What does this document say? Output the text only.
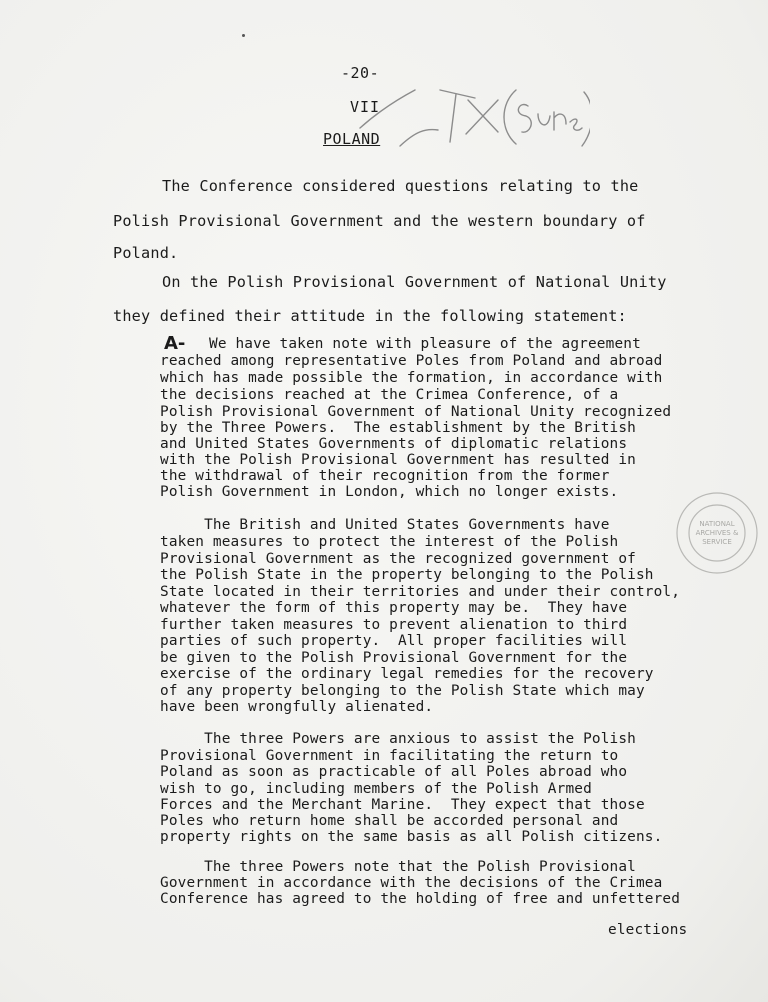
-20-
VII
POLAND
The Conference considered questions relating to the
Polish Provisional Government and the western boundary of
Poland.
On the Polish Provisional Government of National Unity
they defined their attitude in the following statement:
A- We have taken note with pleasure of the agreement
reached among representative Poles from Poland and abroad
which has made possible the formation, in accordance with
the decisions reached at the Crimea Conference, of a
Polish Provisional Government of National Unity recognized
by the Three Powers.  The establishment by the British
and United States Governments of diplomatic relations
with the Polish Provisional Government has resulted in
the withdrawal of their recognition from the former
Polish Government in London, which no longer exists.
NATIONAL
ARCHIVES &
SERVICE
The British and United States Governments have
taken measures to protect the interest of the Polish
Provisional Government as the recognized government of
the Polish State in the property belonging to the Polish
State located in their territories and under their control,
whatever the form of this property may be.  They have
further taken measures to prevent alienation to third
parties of such property.  All proper facilities will
be given to the Polish Provisional Government for the
exercise of the ordinary legal remedies for the recovery
of any property belonging to the Polish State which may
have been wrongfully alienated.
The three Powers are anxious to assist the Polish
Provisional Government in facilitating the return to
Poland as soon as practicable of all Poles abroad who
wish to go, including members of the Polish Armed
Forces and the Merchant Marine.  They expect that those
Poles who return home shall be accorded personal and
property rights on the same basis as all Polish citizens.
The three Powers note that the Polish Provisional
Government in accordance with the decisions of the Crimea
Conference has agreed to the holding of free and unfettered
elections
